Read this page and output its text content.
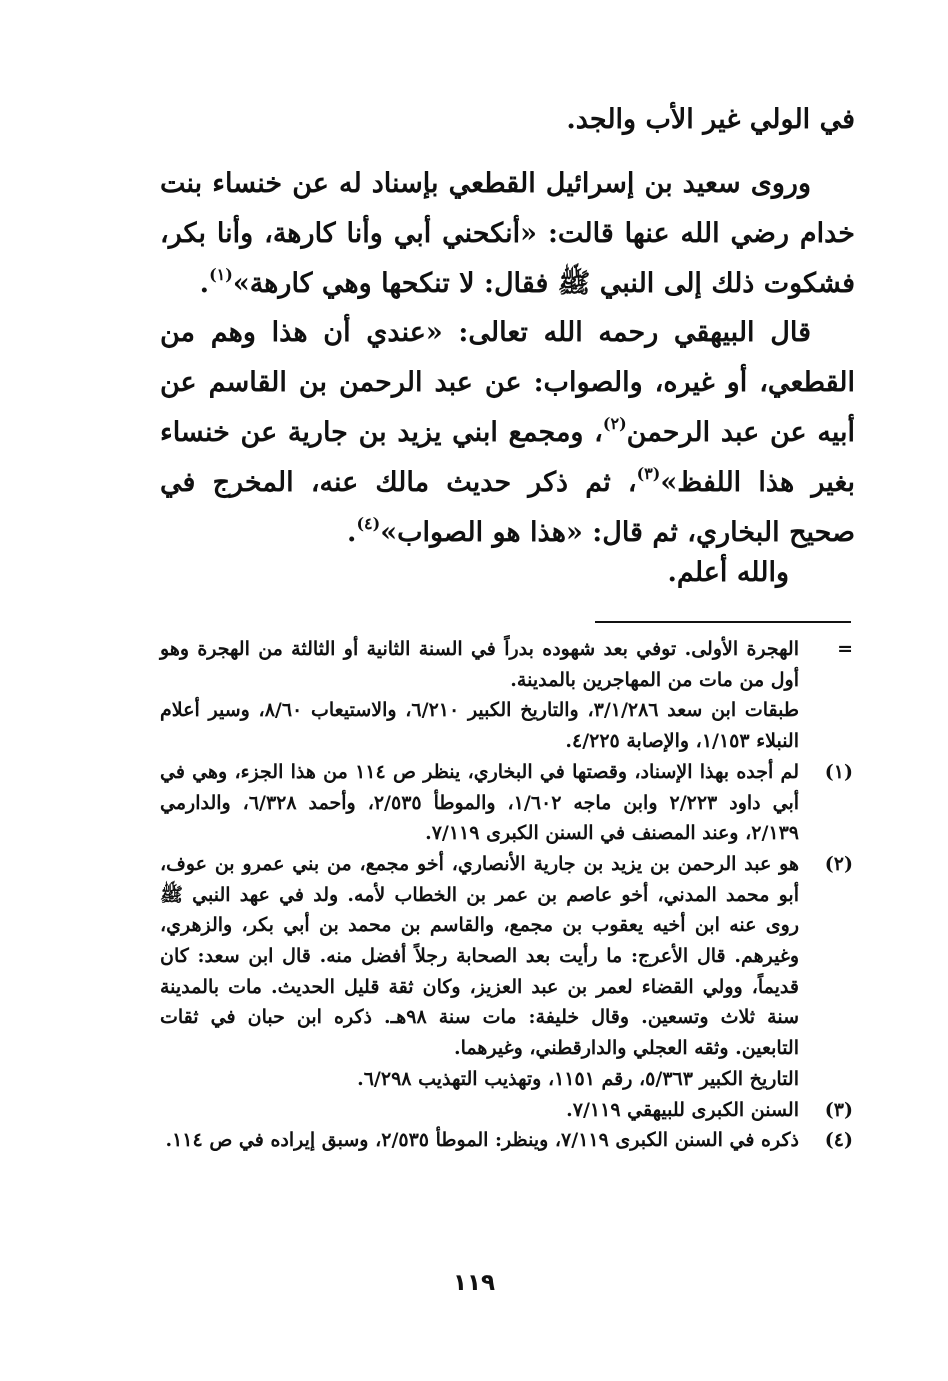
في الولي غير الأب والجد.

وروى سعيد بن إسرائيل القطعي بإسناد له عن خنساء بنت خدام رضي الله عنها قالت: «أنكحني أبي وأنا كارهة، وأنا بكر، فشكوت ذلك إلى النبي ﷺ فقال: لا تنكحها وهي كارهة»$^{(١)}$.

قال البيهقي رحمه الله تعالى: «عندي أن هذا وهم من القطعي، أو غيره، والصواب: عن عبد الرحمن بن القاسم عن أبيه عن عبد الرحمن$^{(٢)}$، ومجمع ابني يزيد بن جارية عن خنساء بغير هذا اللفظ»$^{(٣)}$، ثم ذكر حديث مالك عنه، المخرج في صحيح البخاري، ثم قال: «هذا هو الصواب»$^{(٤)}$.

والله أعلم.

=
الهجرة الأولى. توفي بعد شهوده بدراً في السنة الثانية أو الثالثة من الهجرة وهو أول من مات من المهاجرين بالمدينة.
طبقات ابن سعد ٣/١/٢٨٦، والتاريخ الكبير ٦/٢١٠، والاستيعاب ٨/٦٠، وسير أعلام النبلاء ١/١٥٣، والإصابة ٤/٢٢٥.
(١)
لم أجده بهذا الإسناد، وقصتها في البخاري، ينظر ص ١١٤ من هذا الجزء، وهي في أبي داود ٢/٢٢٣ وابن ماجه ١/٦٠٢، والموطأ ٢/٥٣٥، وأحمد ٦/٣٢٨، والدارمي ٢/١٣٩، وعند المصنف في السنن الكبرى ٧/١١٩.
(٢)
هو عبد الرحمن بن يزيد بن جارية الأنصاري، أخو مجمع، من بني عمرو بن عوف، أبو محمد المدني، أخو عاصم بن عمر بن الخطاب لأمه. ولد في عهد النبي ﷺ روى عنه ابن أخيه يعقوب بن مجمع، والقاسم بن محمد بن أبي بكر، والزهري، وغيرهم. قال الأعرج: ما رأيت بعد الصحابة رجلاً أفضل منه. قال ابن سعد: كان قديماً، وولي القضاء لعمر بن عبد العزيز، وكان ثقة قليل الحديث. مات بالمدينة سنة ثلاث وتسعين. وقال خليفة: مات سنة ٩٨هـ. ذكره ابن حبان في ثقات التابعين. وثقه العجلي والدارقطني، وغيرهما.
التاريخ الكبير ٥/٣٦٣، رقم ١١٥١، وتهذيب التهذيب ٦/٢٩٨.
(٣)
السنن الكبرى للبيهقي ٧/١١٩.
(٤)
ذكره في السنن الكبرى ٧/١١٩، وينظر: الموطأ ٢/٥٣٥، وسبق إيراده في ص ١١٤.
١١٩
